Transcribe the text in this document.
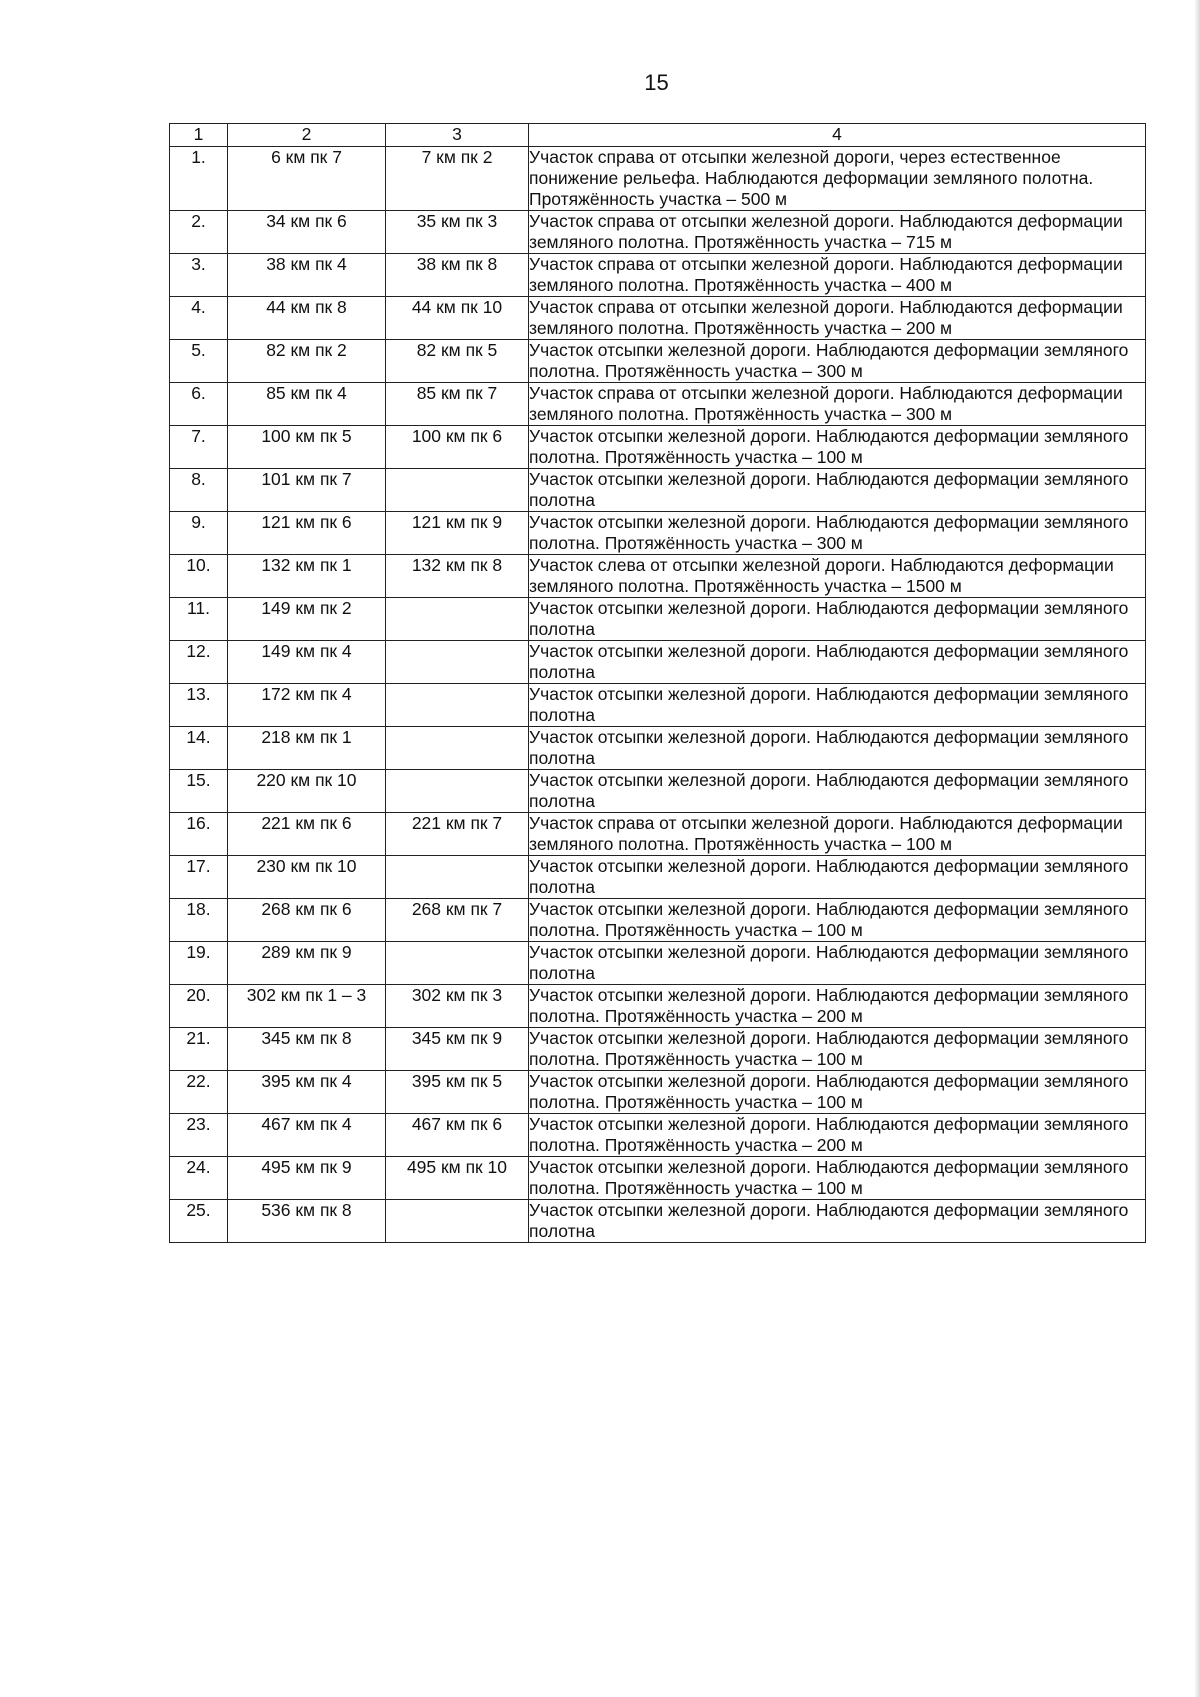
15
1	2	3	4
1.	6 км пк 7	7 км пк 2	Участок справа от отсыпки железной дороги, через естественное понижение рельефа. Наблюдаются деформации земляного полотна. Протяжённость участка – 500 м
2.	34 км пк 6	35 км пк 3	Участок справа от отсыпки железной дороги. Наблюдаются деформации земляного полотна. Протяжённость участка – 715 м
3.	38 км пк 4	38 км пк 8	Участок справа от отсыпки железной дороги. Наблюдаются деформации земляного полотна. Протяжённость участка – 400 м
4.	44 км пк 8	44 км пк 10	Участок справа от отсыпки железной дороги. Наблюдаются деформации земляного полотна. Протяжённость участка – 200 м
5.	82 км пк 2	82 км пк 5	Участок отсыпки железной дороги. Наблюдаются деформации земляного полотна. Протяжённость участка – 300 м
6.	85 км пк 4	85 км пк 7	Участок справа от отсыпки железной дороги. Наблюдаются деформации земляного полотна. Протяжённость участка – 300 м
7.	100 км пк 5	100 км пк 6	Участок отсыпки железной дороги. Наблюдаются деформации земляного полотна. Протяжённость участка – 100 м
8.	101 км пк 7		Участок отсыпки железной дороги. Наблюдаются деформации земляного полотна
9.	121 км пк 6	121 км пк 9	Участок отсыпки железной дороги. Наблюдаются деформации земляного полотна. Протяжённость участка – 300 м
10.	132 км пк 1	132 км пк 8	Участок слева от отсыпки железной дороги. Наблюдаются деформации земляного полотна. Протяжённость участка – 1500 м
11.	149 км пк 2		Участок отсыпки железной дороги. Наблюдаются деформации земляного полотна
12.	149 км пк 4		Участок отсыпки железной дороги. Наблюдаются деформации земляного полотна
13.	172 км пк 4		Участок отсыпки железной дороги. Наблюдаются деформации земляного полотна
14.	218 км пк 1		Участок отсыпки железной дороги. Наблюдаются деформации земляного полотна
15.	220 км пк 10		Участок отсыпки железной дороги. Наблюдаются деформации земляного полотна
16.	221 км пк 6	221 км пк 7	Участок справа от отсыпки железной дороги. Наблюдаются деформации земляного полотна. Протяжённость участка – 100 м
17.	230 км пк 10		Участок отсыпки железной дороги. Наблюдаются деформации земляного полотна
18.	268 км пк 6	268 км пк 7	Участок отсыпки железной дороги. Наблюдаются деформации земляного полотна. Протяжённость участка – 100 м
19.	289 км пк 9		Участок отсыпки железной дороги. Наблюдаются деформации земляного полотна
20.	302 км пк 1 – 3	302 км пк 3	Участок отсыпки железной дороги. Наблюдаются деформации земляного полотна. Протяжённость участка – 200 м
21.	345 км пк 8	345 км пк 9	Участок отсыпки железной дороги. Наблюдаются деформации земляного полотна. Протяжённость участка – 100 м
22.	395 км пк 4	395 км пк 5	Участок отсыпки железной дороги. Наблюдаются деформации земляного полотна. Протяжённость участка – 100 м
23.	467 км пк 4	467 км пк 6	Участок отсыпки железной дороги. Наблюдаются деформации земляного полотна. Протяжённость участка – 200 м
24.	495 км пк 9	495 км пк 10	Участок отсыпки железной дороги. Наблюдаются деформации земляного полотна. Протяжённость участка – 100 м
25.	536 км пк 8		Участок отсыпки железной дороги. Наблюдаются деформации земляного полотна
